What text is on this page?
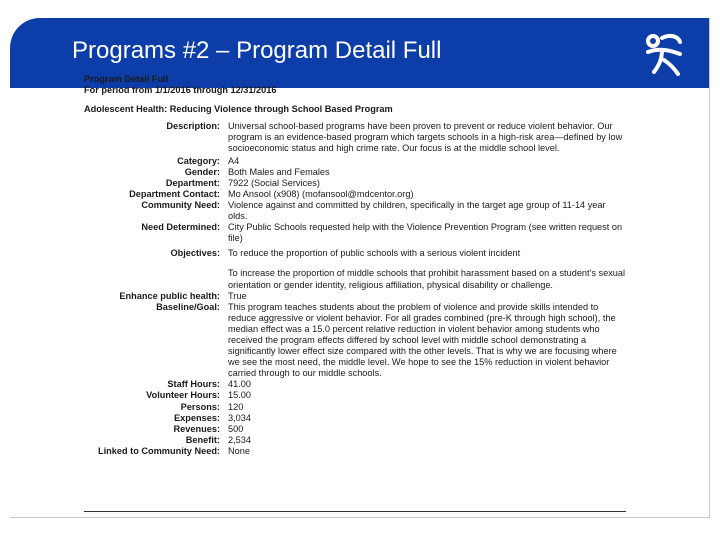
Programs #2 – Program Detail Full
Program Detail Full
For period from 1/1/2016 through 12/31/2016
Adolescent Health: Reducing Violence through School Based Program
Description:	Universal school-based programs have been proven to prevent or reduce violent behavior. Our program is an evidence-based program which targets schools in a high-risk area—defined by low socioeconomic status and high crime rate. Our focus is at the middle school level.
Category:	A4
Gender:	Both Males and Females
Department:	7922 (Social Services)
Department Contact:	Mo Ansool (x908) (mofansool@mdcentor.org)
Community Need:	Violence against and committed by children, specifically in the target age group of 11-14 year olds.
Need Determined:	City Public Schools requested help with the Violence Prevention Program (see written request on file)
Objectives:	To reduce the proportion of public schools with a serious violent incident
	To increase the proportion of middle schools that prohibit harassment based on a student's sexual orientation or gender identity, religious affiliation, physical disability or challenge.
Enhance public health:	True
Baseline/Goal:	This program teaches students about the problem of violence and provide skills intended to reduce aggressive or violent behavior. For all grades combined (pre-K through high school), the median effect was a 15.0 percent relative reduction in violent behavior among students who received the program effects differed by school level with middle school demonstrating a significantly lower effect size compared with the other levels. That is why we are focusing where we see the most need, the middle level. We hope to see the 15% reduction in violent behavior carried through to our middle schools.
Staff Hours:	41.00
Volunteer Hours:	15.00
Persons:	120
Expenses:	3,034
Revenues:	500
Benefit:	2,534
Linked to Community Need:	None
